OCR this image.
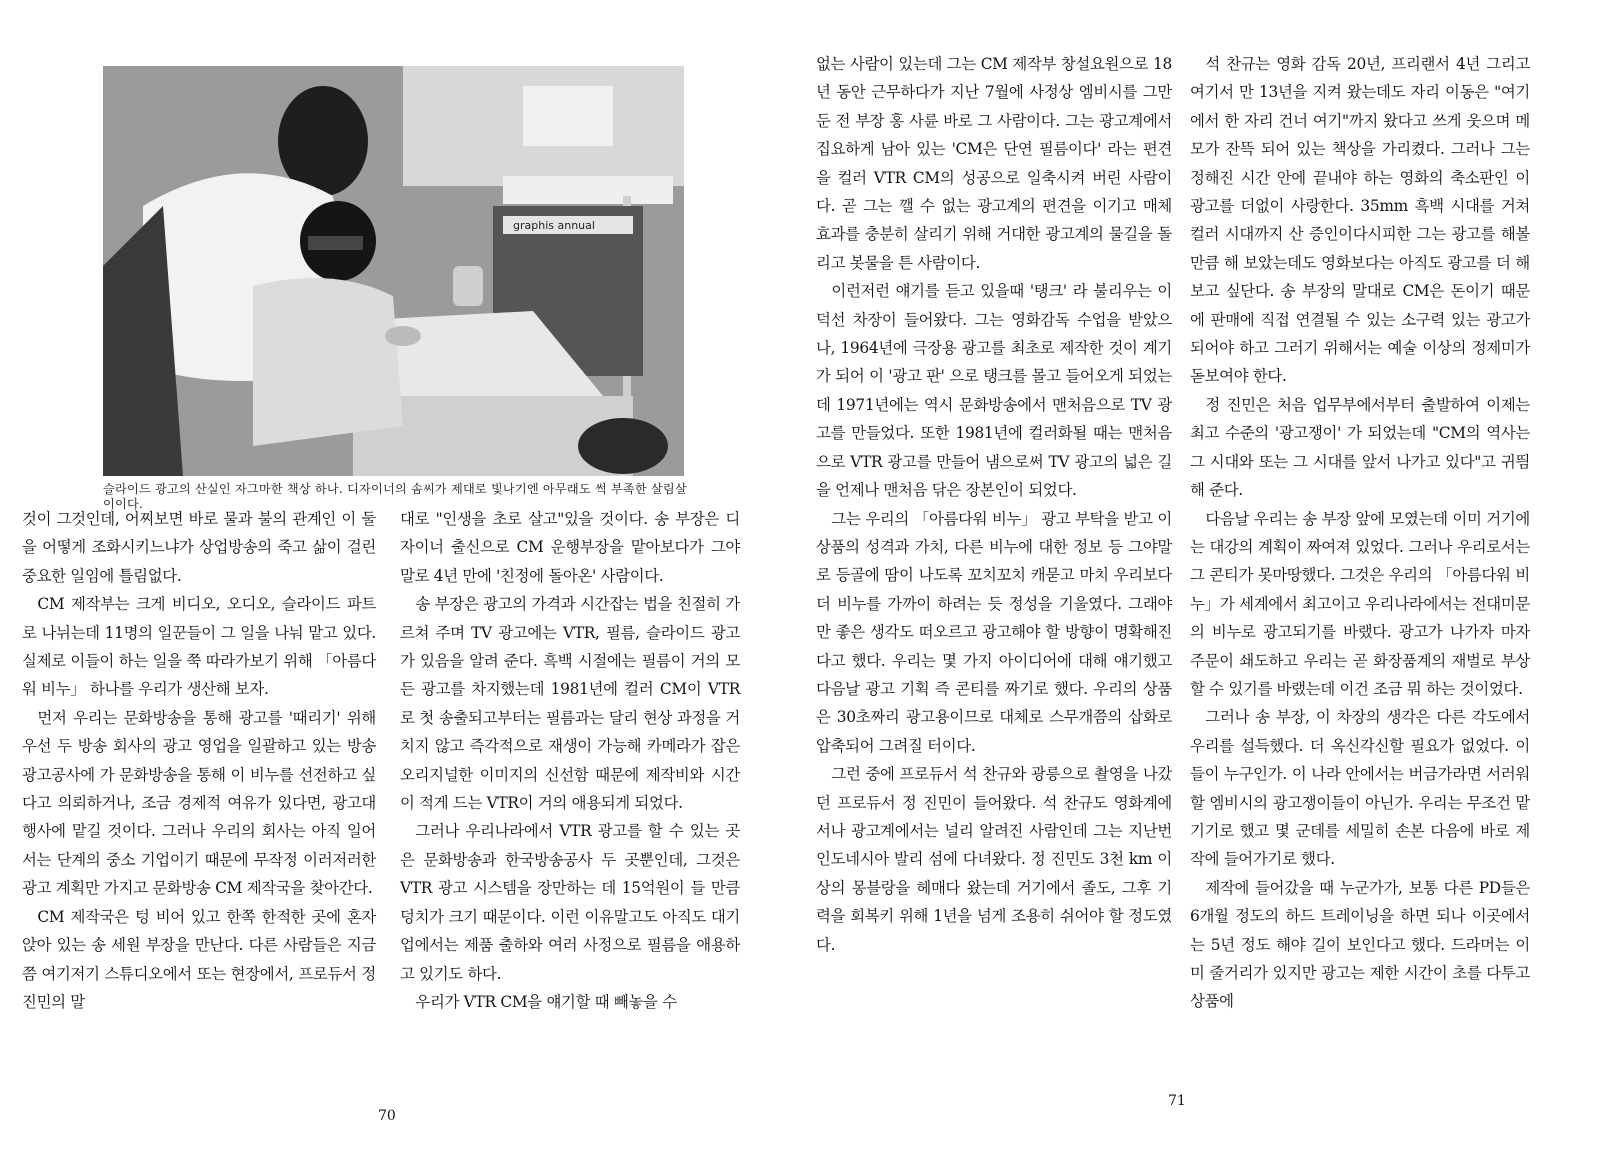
graphis annual
슬라이드 광고의 산실인 자그마한 책상 하나. 디자이너의 솜씨가 제대로 빛나기엔 아무래도 썩 부족한 살림살이이다.

것이 그것인데, 어찌보면 바로 물과 불의 관계인 이 둘을 어떻게 조화시키느냐가 상업방송의 죽고 삶이 걸린 중요한 일임에 틀림없다.

CM 제작부는 크게 비디오, 오디오, 슬라이드 파트로 나뉘는데 11명의 일꾼들이 그 일을 나눠 맡고 있다. 실제로 이들이 하는 일을 쭉 따라가보기 위해 「아름다워 비누」 하나를 우리가 생산해 보자.

먼저 우리는 문화방송을 통해 광고를 '때리기' 위해 우선 두 방송 회사의 광고 영업을 일괄하고 있는 방송광고공사에 가 문화방송을 통해 이 비누를 선전하고 싶다고 의뢰하거나, 조금 경제적 여유가 있다면, 광고대행사에 맡길 것이다. 그러나 우리의 회사는 아직 일어서는 단계의 중소 기업이기 때문에 무작정 이러저러한 광고 계획만 가지고 문화방송 CM 제작국을 찾아간다.

CM 제작국은 텅 비어 있고 한쪽 한적한 곳에 혼자 앉아 있는 송 세원 부장을 만난다. 다른 사람들은 지금쯤 여기저기 스튜디오에서 또는 현장에서, 프로듀서 정 진민의 말

대로 "인생을 초로 살고"있을 것이다. 송 부장은 디자이너 출신으로 CM 운행부장을 맡아보다가 그야말로 4년 만에 '친정에 돌아온' 사람이다.

송 부장은 광고의 가격과 시간잡는 법을 친절히 가르쳐 주며 TV 광고에는 VTR, 필름, 슬라이드 광고가 있음을 알려 준다. 흑백 시절에는 필름이 거의 모든 광고를 차지했는데 1981년에 컬러 CM이 VTR로 첫 송출되고부터는 필름과는 달리 현상 과정을 거치지 않고 즉각적으로 재생이 가능해 카메라가 잡은 오리지널한 이미지의 신선함 때문에 제작비와 시간이 적게 드는 VTR이 거의 애용되게 되었다.

그러나 우리나라에서 VTR 광고를 할 수 있는 곳은 문화방송과 한국방송공사 두 곳뿐인데, 그것은 VTR 광고 시스템을 장만하는 데 15억원이 들 만큼 덩치가 크기 때문이다. 이런 이유말고도 아직도 대기업에서는 제품 출하와 여러 사정으로 필름을 애용하고 있기도 하다.

우리가 VTR CM을 얘기할 때 빼놓을 수

70

없는 사람이 있는데 그는 CM 제작부 창설요원으로 18년 동안 근무하다가 지난 7월에 사정상 엠비시를 그만 둔 전 부장 홍 사륜 바로 그 사람이다. 그는 광고계에서 집요하게 남아 있는 'CM은 단연 필름이다' 라는 편견을 컬러 VTR CM의 성공으로 일축시켜 버린 사람이다. 곧 그는 깰 수 없는 광고계의 편견을 이기고 매체 효과를 충분히 살리기 위해 거대한 광고계의 물길을 돌리고 봇물을 튼 사람이다.

이런저런 얘기를 듣고 있을때 '탱크' 라 불리우는 이 덕선 차장이 들어왔다. 그는 영화감독 수업을 받았으나, 1964년에 극장용 광고를 최초로 제작한 것이 계기가 되어 이 '광고 판' 으로 탱크를 몰고 들어오게 되었는데 1971년에는 역시 문화방송에서 맨처음으로 TV 광고를 만들었다. 또한 1981년에 컬러화될 때는 맨처음으로 VTR 광고를 만들어 냄으로써 TV 광고의 넓은 길을 언제나 맨처음 닦은 장본인이 되었다.

그는 우리의 「아름다워 비누」 광고 부탁을 받고 이 상품의 성격과 가치, 다른 비누에 대한 정보 등 그야말로 등골에 땀이 나도록 꼬치꼬치 캐묻고 마치 우리보다 더 비누를 가까이 하려는 듯 정성을 기울였다. 그래야만 좋은 생각도 떠오르고 광고해야 할 방향이 명확해진다고 했다. 우리는 몇 가지 아이디어에 대해 얘기했고 다음날 광고 기획 즉 콘티를 짜기로 했다. 우리의 상품은 30초짜리 광고용이므로 대체로 스무개쯤의 삽화로 압축되어 그려질 터이다.

그런 중에 프로듀서 석 찬규와 광릉으로 촬영을 나갔던 프로듀서 정 진민이 들어왔다. 석 찬규도 영화계에서나 광고계에서는 널리 알려진 사람인데 그는 지난번 인도네시아 발리 섬에 다녀왔다. 정 진민도 3천 km 이상의 몽블랑을 헤매다 왔는데 거기에서 졸도, 그후 기력을 회복키 위해 1년을 넘게 조용히 쉬어야 할 정도였다.

석 찬규는 영화 감독 20년, 프리랜서 4년 그리고 여기서 만 13년을 지켜 왔는데도 자리 이동은 "여기에서 한 자리 건너 여기"까지 왔다고 쓰게 웃으며 메모가 잔뜩 되어 있는 책상을 가리켰다. 그러나 그는 정해진 시간 안에 끝내야 하는 영화의 축소판인 이 광고를 더없이 사랑한다. 35mm 흑백 시대를 거쳐 컬러 시대까지 산 증인이다시피한 그는 광고를 해볼 만큼 해 보았는데도 영화보다는 아직도 광고를 더 해보고 싶단다. 송 부장의 말대로 CM은 돈이기 때문에 판매에 직접 연결될 수 있는 소구력 있는 광고가 되어야 하고 그러기 위해서는 예술 이상의 정제미가 돋보여야 한다.

정 진민은 처음 업무부에서부터 출발하여 이제는 최고 수준의 '광고쟁이' 가 되었는데 "CM의 역사는 그 시대와 또는 그 시대를 앞서 나가고 있다"고 귀띔해 준다.

다음날 우리는 송 부장 앞에 모였는데 이미 거기에는 대강의 계획이 짜여져 있었다. 그러나 우리로서는 그 콘티가 못마땅했다. 그것은 우리의 「아름다워 비누」가 세계에서 최고이고 우리나라에서는 전대미문의 비누로 광고되기를 바랬다. 광고가 나가자 마자 주문이 쇄도하고 우리는 곧 화장품계의 재벌로 부상할 수 있기를 바랬는데 이건 조금 뭐 하는 것이었다.

그러나 송 부장, 이 차장의 생각은 다른 각도에서 우리를 설득했다. 더 옥신각신할 필요가 없었다. 이들이 누구인가. 이 나라 안에서는 버금가라면 서러워할 엠비시의 광고쟁이들이 아닌가. 우리는 무조건 맡기기로 했고 몇 군데를 세밀히 손본 다음에 바로 제작에 들어가기로 했다.

제작에 들어갔을 때 누군가가, 보통 다른 PD들은 6개월 정도의 하드 트레이닝을 하면 되나 이곳에서는 5년 정도 해야 길이 보인다고 했다. 드라머는 이미 줄거리가 있지만 광고는 제한 시간이 초를 다투고 상품에

71
